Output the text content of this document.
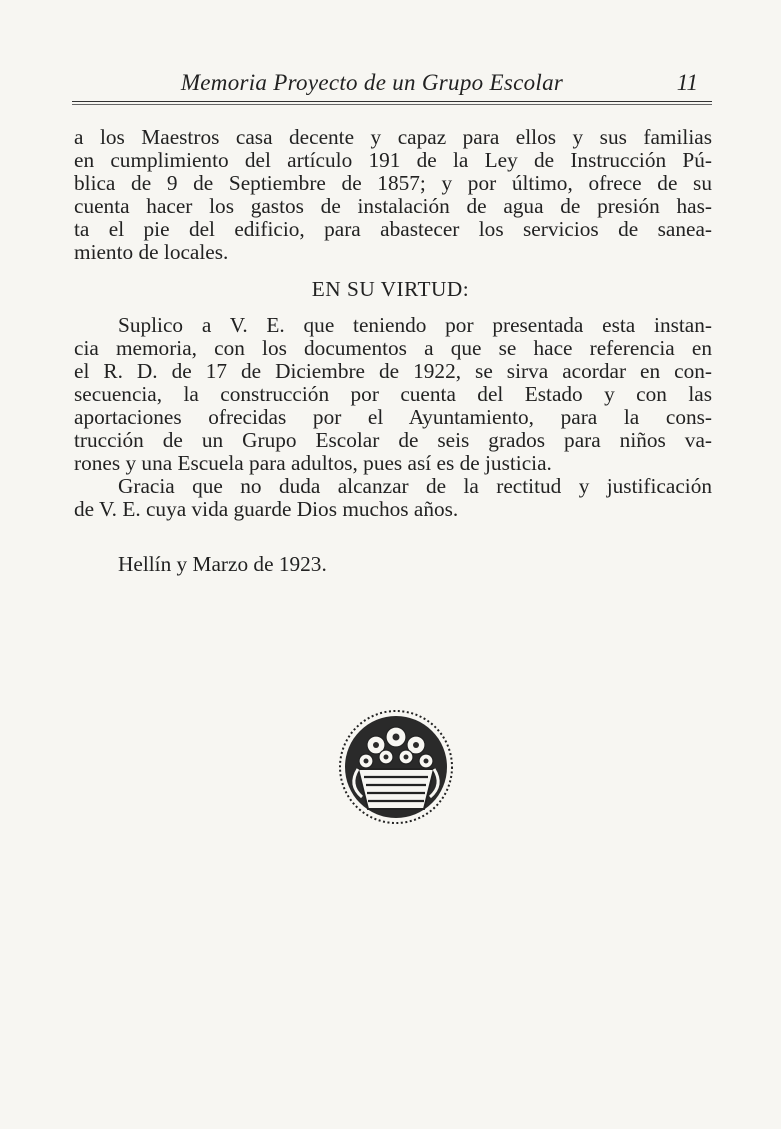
Memoria Proyecto de un Grupo Escolar	11
a los Maestros casa decente y capaz para ellos y sus familias
en cumplimiento del artículo 191 de la Ley de Instrucción Pú-
blica de 9 de Septiembre de 1857; y por último, ofrece de su
cuenta hacer los gastos de instalación de agua de presión has-
ta el pie del edificio, para abastecer los servicios de sanea-
miento de locales.
EN SU VIRTUD:
Suplico a V. E. que teniendo por presentada esta instan-
cia memoria, con los documentos a que se hace referencia en
el R. D. de 17 de Diciembre de 1922, se sirva acordar en con-
secuencia, la construcción por cuenta del Estado y con las
aportaciones ofrecidas por el Ayuntamiento, para la cons-
trucción de un Grupo Escolar de seis grados para niños va-
rones y una Escuela para adultos, pues así es de justicia.
Gracia que no duda alcanzar de la rectitud y justificación
de V. E. cuya vida guarde Dios muchos años.
Hellín y Marzo de 1923.
